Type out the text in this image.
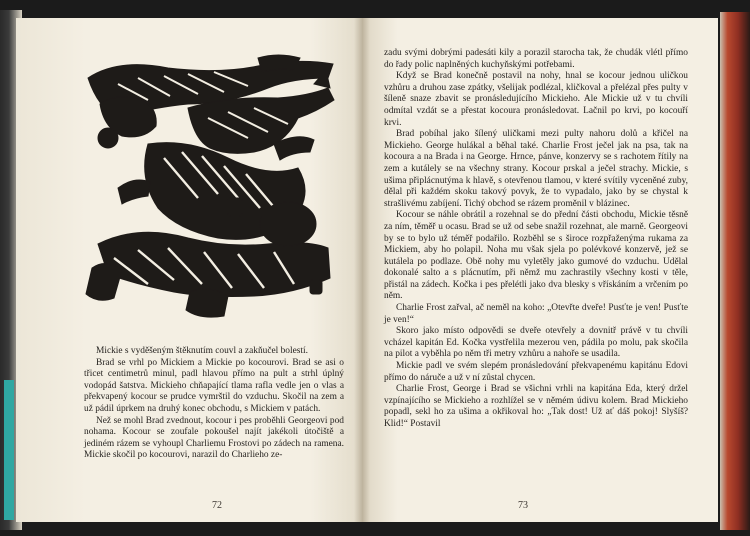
Mickie s vyděšeným štěknutím couvl a zakňučel bolestí.

Brad se vrhl po Mickiem a Mickie po kocourovi. Brad se asi o třicet centimetrů minul, padl hlavou přímo na pult a strhl úplný vodopád šatstva. Mickieho chňapající tlama rafla vedle jen o vlas a překvapený kocour se prudce vymrštil do vzduchu. Skočil na zem a už pádil úprkem na druhý konec obchodu, s Mickiem v patách.

Než se mohl Brad zvednout, kocour i pes proběhli Georgeovi pod nohama. Kocour se zoufale pokoušel najít jakékoli útočiště a jediném rázem se vyhoupl Charliemu Frostovi po zádech na ramena. Mickie skočil po kocourovi, narazil do Charlieho ze-

72

zadu svými dobrými padesáti kily a porazil starocha tak, že chudák vlétl přímo do řady polic naplněných kuchyňskými potřebami.

Když se Brad konečně postavil na nohy, hnal se kocour jednou uličkou vzhůru a druhou zase zpátky, všelijak podlézal, kličkoval a přelézal přes pulty v šíleně snaze zbavit se pronásledujícího Mickieho. Ale Mickie už v tu chvíli odmítal vzdát se a přestat kocoura pronásledovat. Lačnil po krvi, po kocouří krvi.

Brad pobíhal jako šílený uličkami mezi pulty nahoru dolů a křičel na Mickieho. George hulákal a běhal také. Charlie Frost ječel jak na psa, tak na kocoura a na Brada i na George. Hrnce, pánve, konzervy se s rachotem řítily na zem a kutálely se na všechny strany. Kocour prskal a ječel strachy. Mickie, s ušima připlácnutýma k hlavě, s otevřenou tlamou, v které svítily vyceněné zuby, dělal při každém skoku takový povyk, že to vypadalo, jako by se chystal k strašlivému zabíjení. Tichý obchod se rázem proměnil v blázinec.

Kocour se náhle obrátil a rozehnal se do přední části obchodu, Mickie těsně za ním, těměř u ocasu. Brad se už od sebe snažil rozehnat, ale marně. Georgeovi by se to bylo už téměř podařilo. Rozběhl se s široce rozpřaženýma rukama za Mickiem, aby ho polapil. Noha mu však sjela po polévkové konzervě, jež se kutálela po podlaze. Obě nohy mu vyletěly jako gumové do vzduchu. Udělal dokonalé salto a s plácnutím, při němž mu zachrastily všechny kosti v těle, přistál na zádech. Kočka i pes přelétli jako dva blesky s vřískáním a vrčením po něm.

Charlie Frost zařval, ač neměl na koho: „Otevřte dveře! Pusťte je ven! Pusťte je ven!“

Skoro jako místo odpovědi se dveře otevřely a dovnitř právě v tu chvíli vcházel kapitán Ed. Kočka vystřelila mezerou ven, pádila po molu, pak skočila na pilot a vyběhla po něm tři metry vzhůru a nahoře se usadila.

Mickie padl ve svém slepém pronásledování překvapenému kapitánu Edovi přímo do náruče a už v ní zůstal chycen.

Charlie Frost, George i Brad se všichni vrhli na kapitána Eda, který držel vzpínajícího se Mickieho a rozhlížel se v němém údivu kolem. Brad Mickieho popadl, sekl ho za ušima a okřikoval ho: „Tak dost! Už ať dáš pokoj! Slyšíš? Klid!“ Postavil

73
